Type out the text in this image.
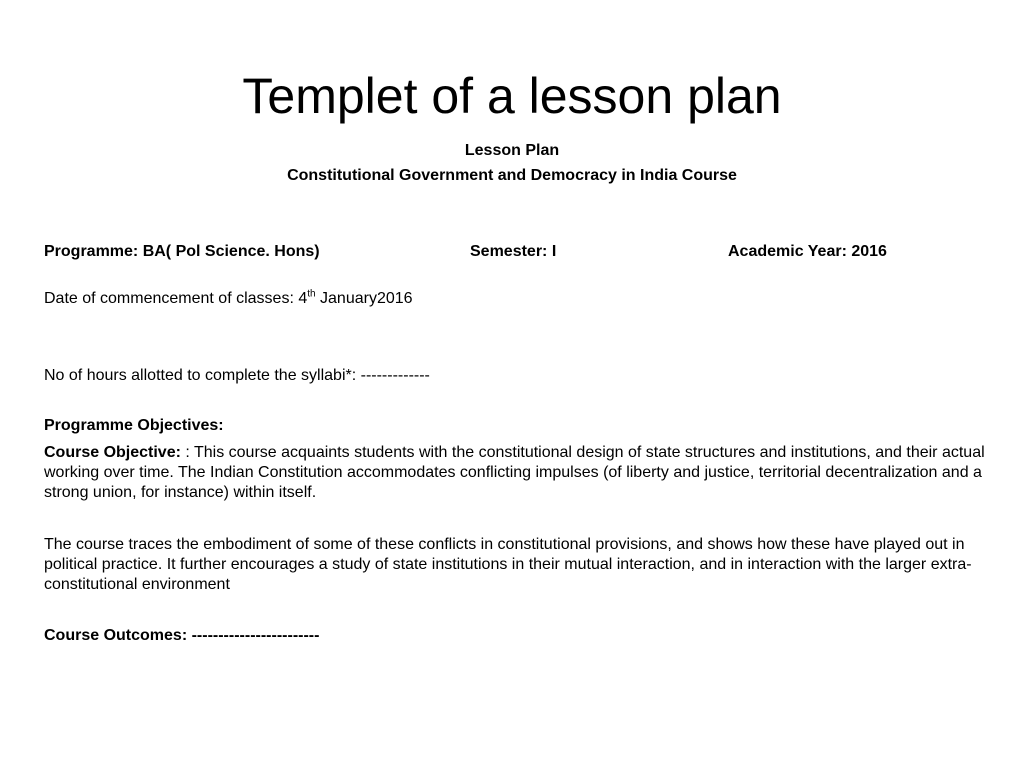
Templet of a lesson plan
Lesson Plan
Constitutional Government and Democracy in India Course
Programme: BA( Pol Science. Hons)	Semester: I	Academic Year: 2016
Date of commencement of classes: 4th January2016
No of hours allotted to complete the syllabi*: -------------
Programme Objectives:

Course Objective: : This course acquaints students with the constitutional design of state structures and institutions, and their actual working over time. The Indian Constitution accommodates conflicting impulses (of liberty and justice, territorial decentralization and a strong union, for instance) within itself.

The course traces the embodiment of some of these conflicts in constitutional provisions, and shows how these have played out in political practice. It further encourages a study of state institutions in their mutual interaction, and in interaction with the larger extra-constitutional environment

Course Outcomes: ------------------------
